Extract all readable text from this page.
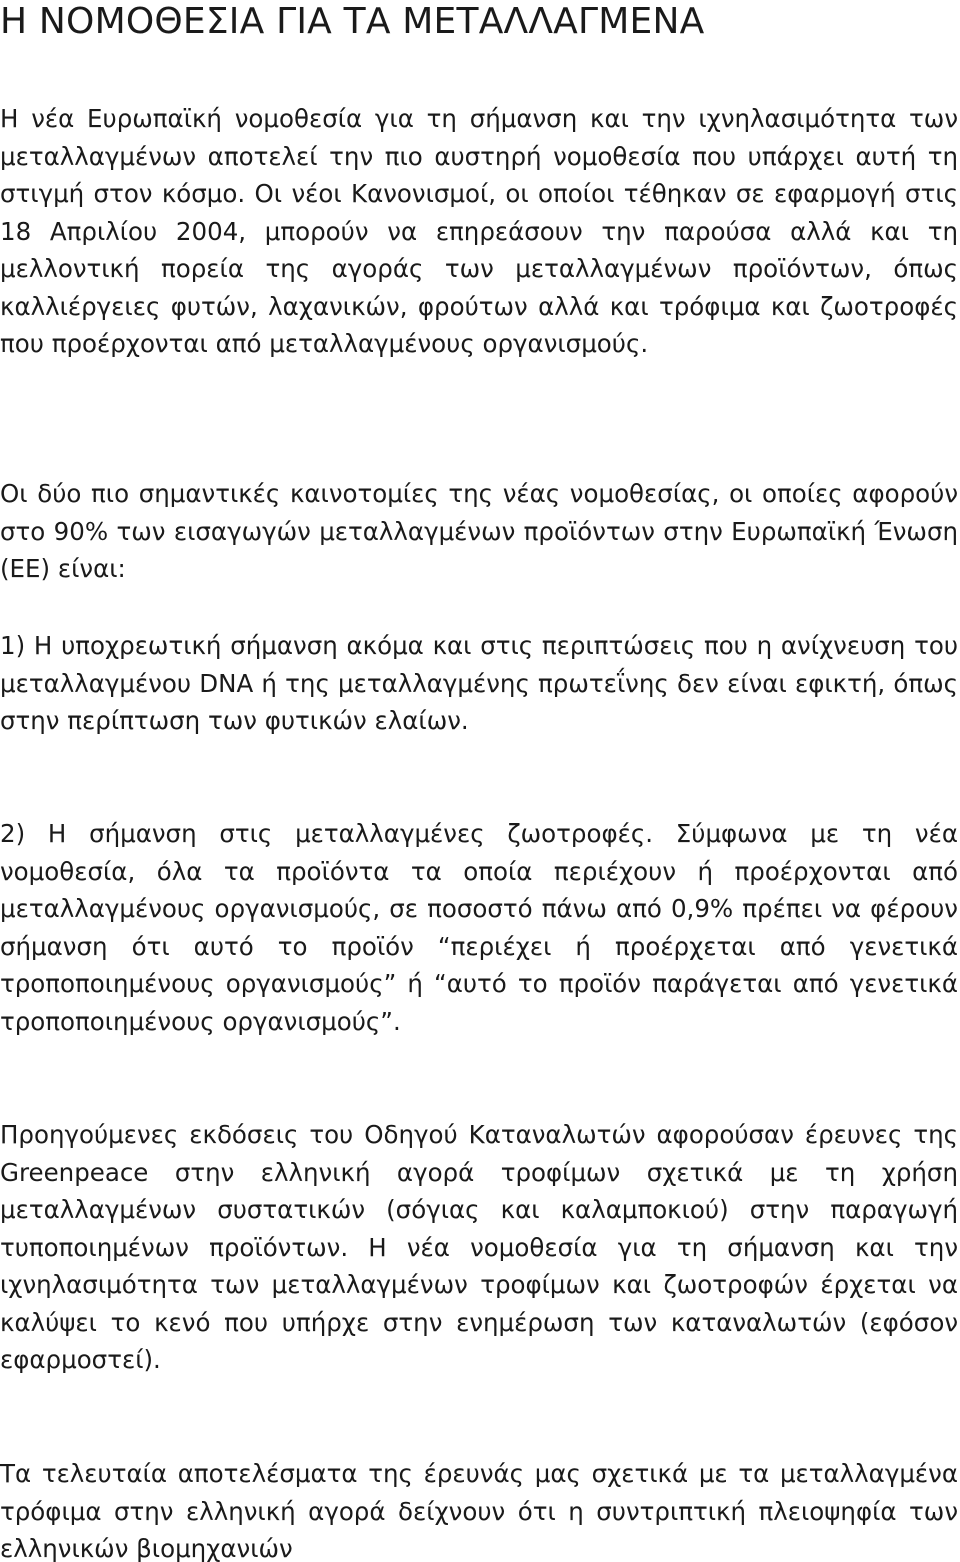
Η ΝΟΜΟΘΕΣΙΑ ΓΙΑ ΤΑ ΜΕΤΑΛΛΑΓΜΕΝΑ

Η νέα Ευρωπαϊκή νομοθεσία για τη σήμανση και την ιχνηλασιμότητα των μεταλλαγμένων αποτελεί την πιο αυστηρή νομοθεσία που υπάρχει αυτή τη στιγμή στον κόσμο. Οι νέοι Κανονισμοί, οι οποίοι τέθηκαν σε εφαρμογή στις 18 Απριλίου 2004, μπορούν να επηρεάσουν την παρούσα αλλά και τη μελλοντική πορεία της αγοράς των μεταλλαγμένων προϊόντων, όπως καλλιέργειες φυτών, λαχανικών, φρούτων αλλά και τρόφιμα και ζωοτροφές που προέρχονται από μεταλλαγμένους οργανισμούς.

Οι δύο πιο σημαντικές καινοτομίες της νέας νομοθεσίας, οι οποίες αφορούν στο 90% των εισαγωγών μεταλλαγμένων προϊόντων στην Ευρωπαϊκή Ένωση (ΕΕ) είναι:

1) Η υποχρεωτική σήμανση ακόμα και στις περιπτώσεις που η ανίχνευση του μεταλλαγμένου DNA ή της μεταλλαγμένης πρωτεΐνης δεν είναι εφικτή, όπως στην περίπτωση των φυτικών ελαίων.

2) Η σήμανση στις μεταλλαγμένες ζωοτροφές. Σύμφωνα με τη νέα νομοθεσία, όλα τα προϊόντα τα οποία περιέχουν ή προέρχονται από μεταλλαγμένους οργανισμούς, σε ποσοστό πάνω από 0,9% πρέπει να φέρουν σήμανση ότι αυτό το προϊόν “περιέχει ή προέρχεται από γενετικά τροποποιημένους οργανισμούς” ή “αυτό το προϊόν παράγεται από γενετικά τροποποιημένους οργανισμούς”.

Προηγούμενες εκδόσεις του Οδηγού Καταναλωτών αφορούσαν έρευνες της Greenpeace στην ελληνική αγορά τροφίμων σχετικά με τη χρήση μεταλλαγμένων συστατικών (σόγιας και καλαμποκιού) στην παραγωγή τυποποιημένων προϊόντων. Η νέα νομοθεσία για τη σήμανση και την ιχνηλασιμότητα των μεταλλαγμένων τροφίμων και ζωοτροφών έρχεται να καλύψει το κενό που υπήρχε στην ενημέρωση των καταναλωτών (εφόσον εφαρμοστεί).

Τα τελευταία αποτελέσματα της έρευνάς μας σχετικά με τα μεταλλαγμένα τρόφιμα στην ελληνική αγορά δείχνουν ότι η συντριπτική πλειοψηφία των ελληνικών βιομηχανιών
